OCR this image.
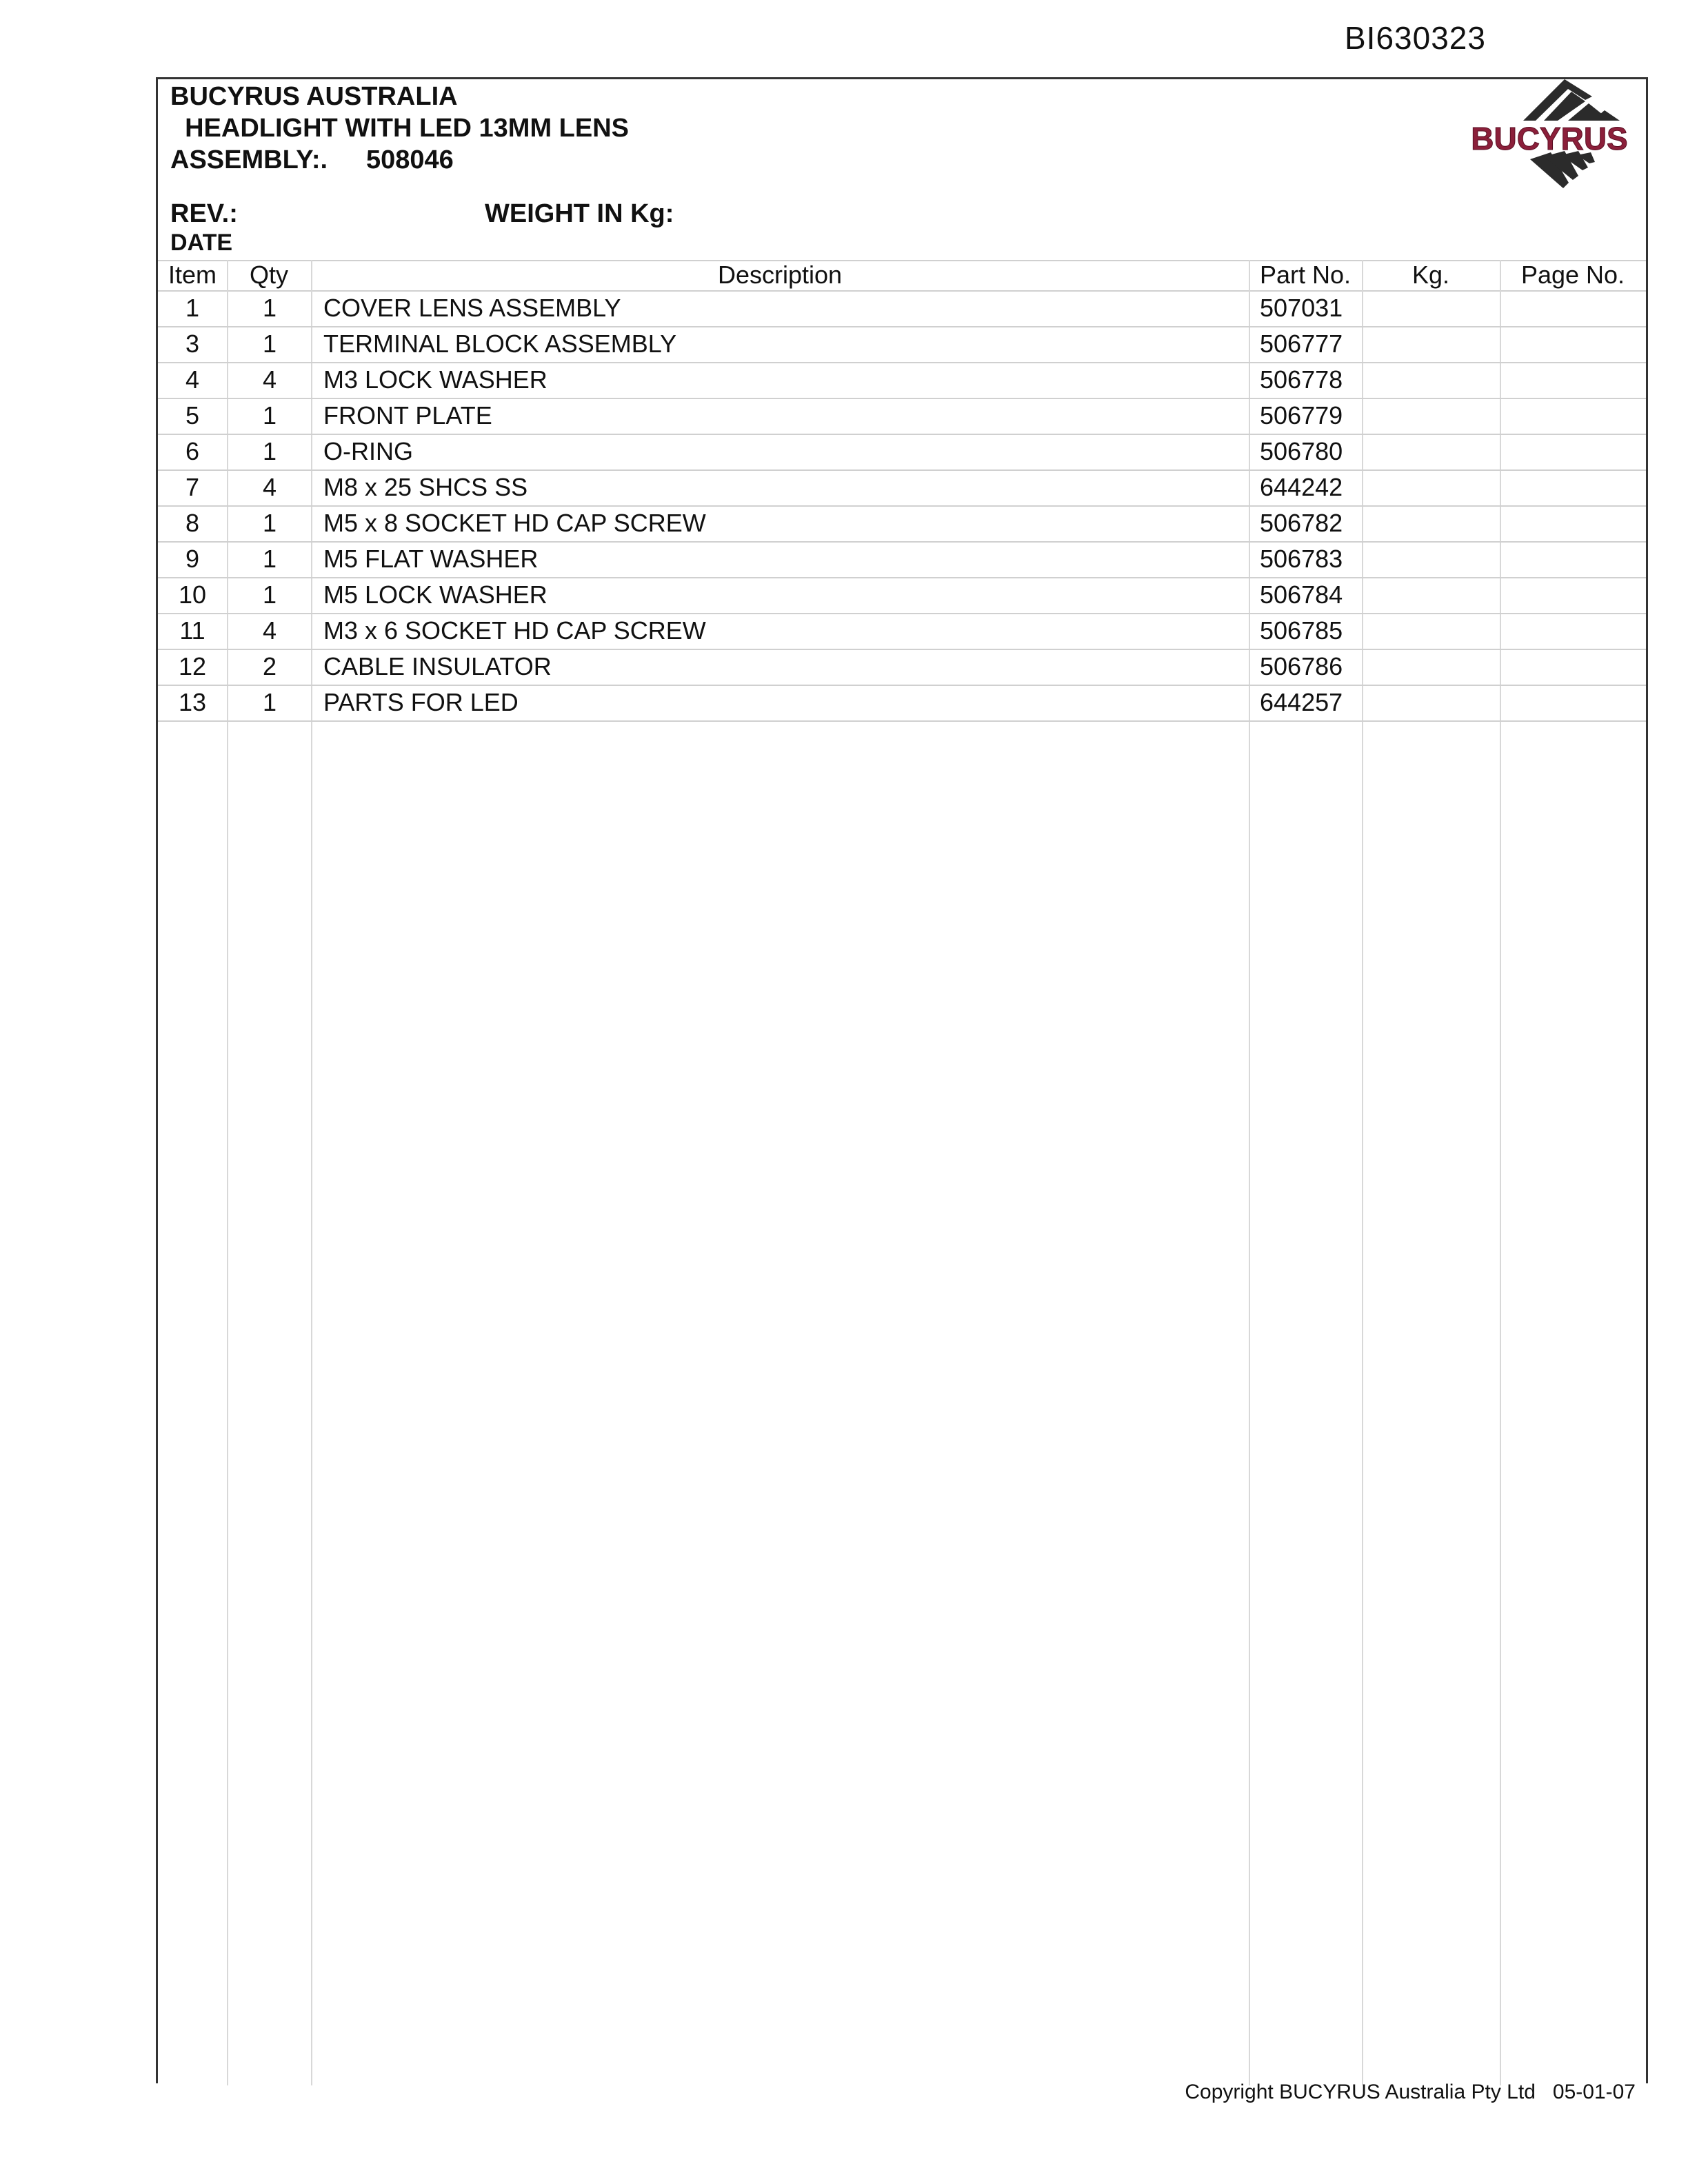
BI630323
BUCYRUS AUSTRALIA
HEADLIGHT WITH LED 13MM LENS
ASSEMBLY:. 508046
REV.:	WEIGHT IN Kg:
DATE
BUCYRUS
Item	Qty	Description	Part No.	Kg.	Page No.
1	1	COVER LENS ASSEMBLY	507031
3	1	TERMINAL BLOCK ASSEMBLY	506777
4	4	M3 LOCK WASHER	506778
5	1	FRONT PLATE	506779
6	1	O-RING	506780
7	4	M8 x 25 SHCS SS	644242
8	1	M5 x 8 SOCKET HD CAP SCREW	506782
9	1	M5 FLAT WASHER	506783
10	1	M5 LOCK WASHER	506784
11	4	M3 x 6 SOCKET HD CAP SCREW	506785
12	2	CABLE INSULATOR	506786
13	1	PARTS FOR LED	644257
Copyright BUCYRUS Australia Pty Ltd 05-01-07
